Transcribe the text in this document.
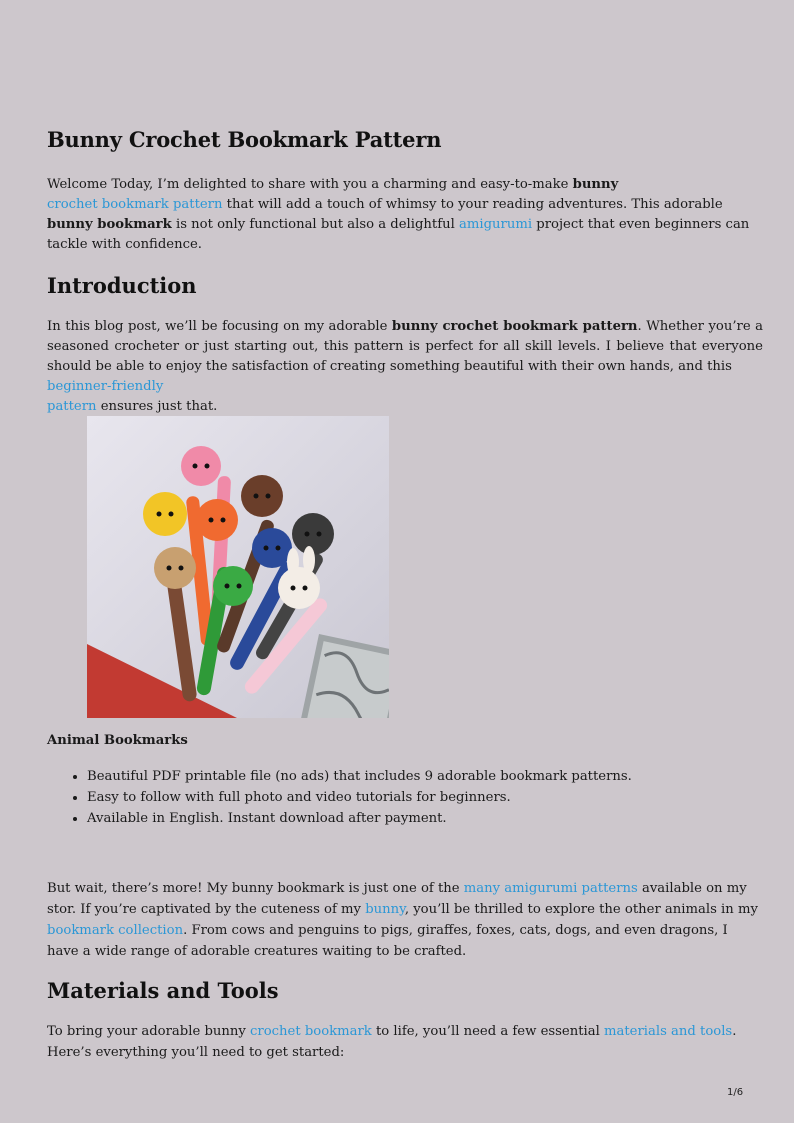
Bunny Crochet Bookmark Pattern

Welcome Today, I’m delighted to share with you a charming and easy-to-make bunny
crochet bookmark pattern that will add a touch of whimsy to your reading adventures. This adorable bunny bookmark is not only functional but also a delightful amigurumi project that even beginners can tackle with confidence.

Introduction

In this blog post, we’ll be focusing on my adorable bunny crochet bookmark pattern. Whether you’re a seasoned crocheter or just starting out, this pattern is perfect for all skill levels. I believe that everyone should be able to enjoy the satisfaction of creating something beautiful with their own hands, and this
beginner-friendly
pattern ensures just that.

Animal Bookmarks
• Beautiful PDF printable file (no ads) that includes 9 adorable bookmark patterns.
• Easy to follow with full photo and video tutorials for beginners.
• Available in English. Instant download after payment.

But wait, there’s more! My bunny bookmark is just one of the many amigurumi patterns available on my stor. If you’re captivated by the cuteness of my bunny, you’ll be thrilled to explore the other animals in my bookmark collection. From cows and penguins to pigs, giraffes, foxes, cats, dogs, and even dragons, I have a wide range of adorable creatures waiting to be crafted.

Materials and Tools

To bring your adorable bunny crochet bookmark to life, you’ll need a few essential materials and tools. Here’s everything you’ll need to get started:

1/6
